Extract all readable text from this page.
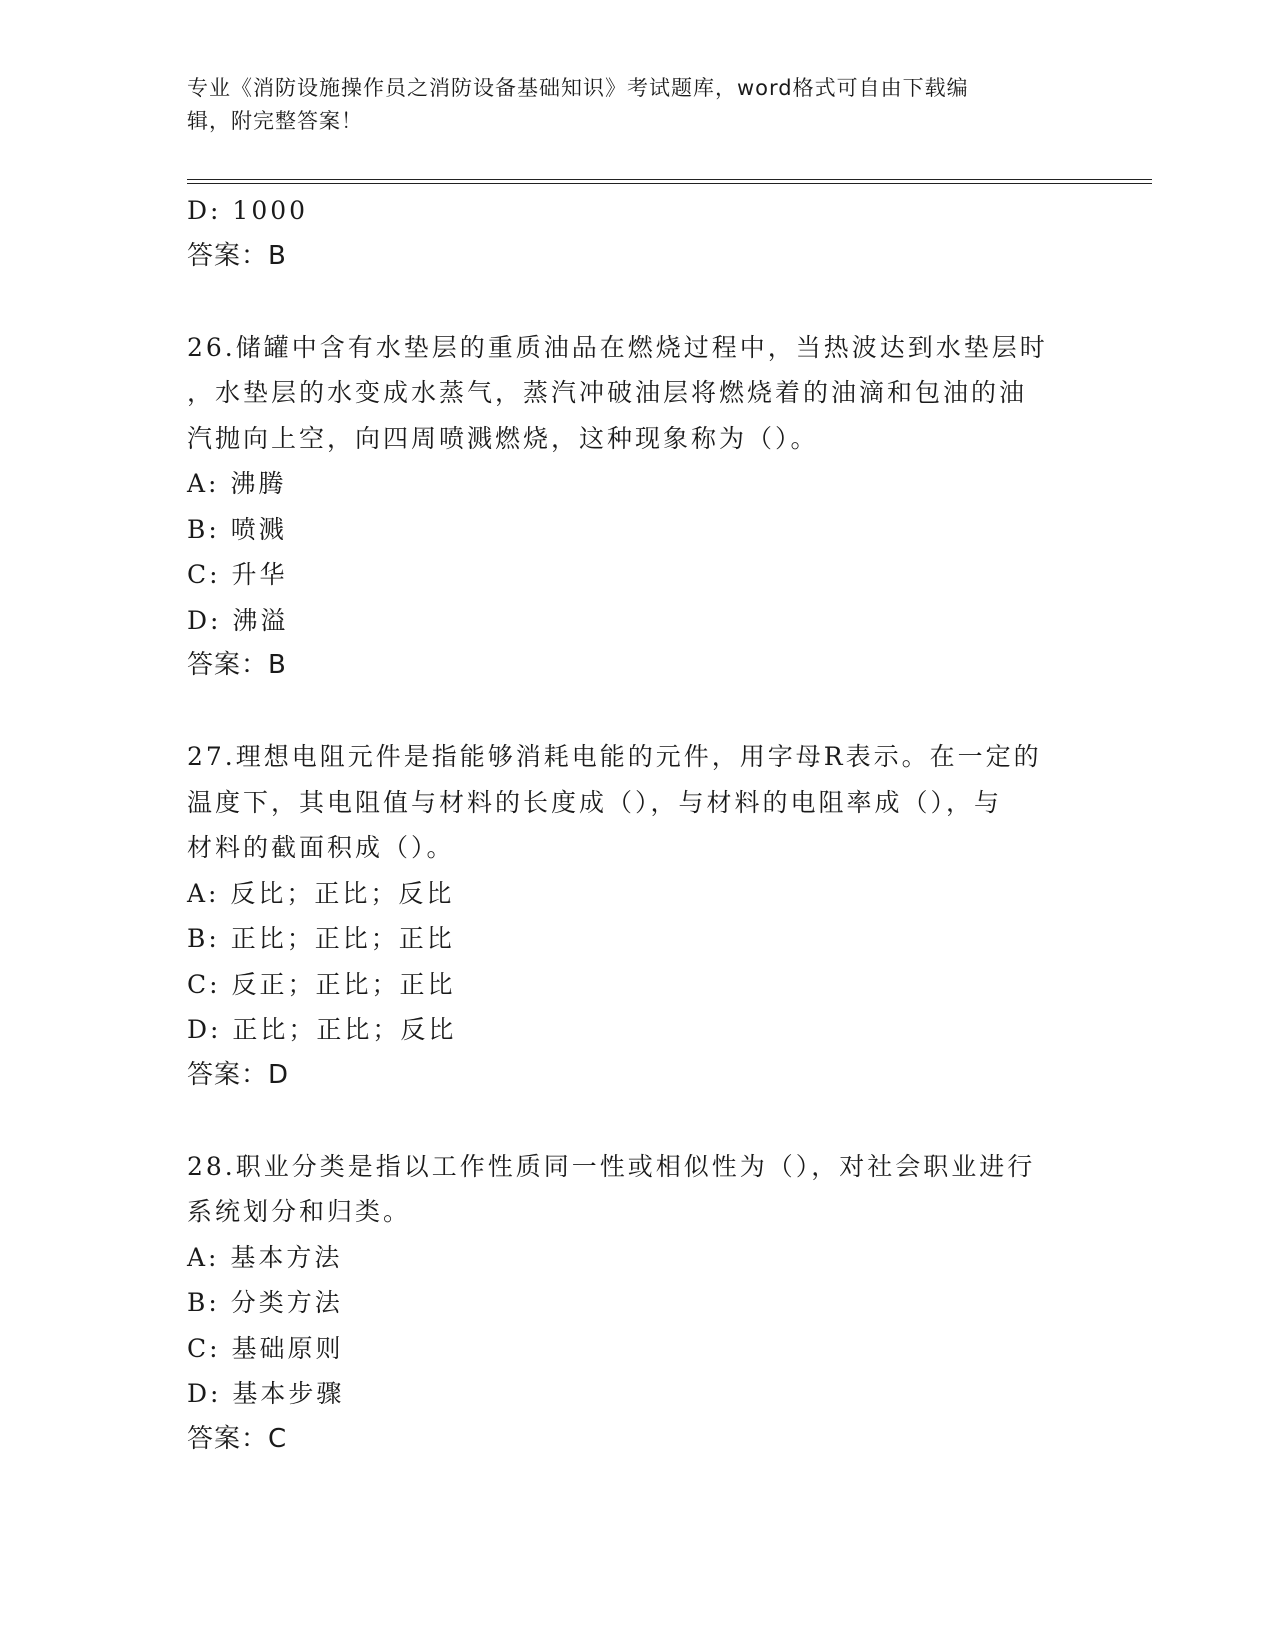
专业《消防设施操作员之消防设备基础知识》考试题库，word格式可自由下载编
辑，附完整答案！
D: 1000
答案：B
26.储罐中含有水垫层的重质油品在燃烧过程中，当热波达到水垫层时
，水垫层的水变成水蒸气，蒸汽冲破油层将燃烧着的油滴和包油的油
汽抛向上空，向四周喷溅燃烧，这种现象称为（）。
A: 沸腾
B: 喷溅
C: 升华
D: 沸溢
答案：B
27.理想电阻元件是指能够消耗电能的元件，用字母R表示。在一定的
温度下，其电阻值与材料的长度成（），与材料的电阻率成（），与
材料的截面积成（）。
A: 反比；正比；反比
B: 正比；正比；正比
C: 反正；正比；正比
D: 正比；正比；反比
答案：D
28.职业分类是指以工作性质同一性或相似性为（），对社会职业进行
系统划分和归类。
A: 基本方法
B: 分类方法
C: 基础原则
D: 基本步骤
答案：C
